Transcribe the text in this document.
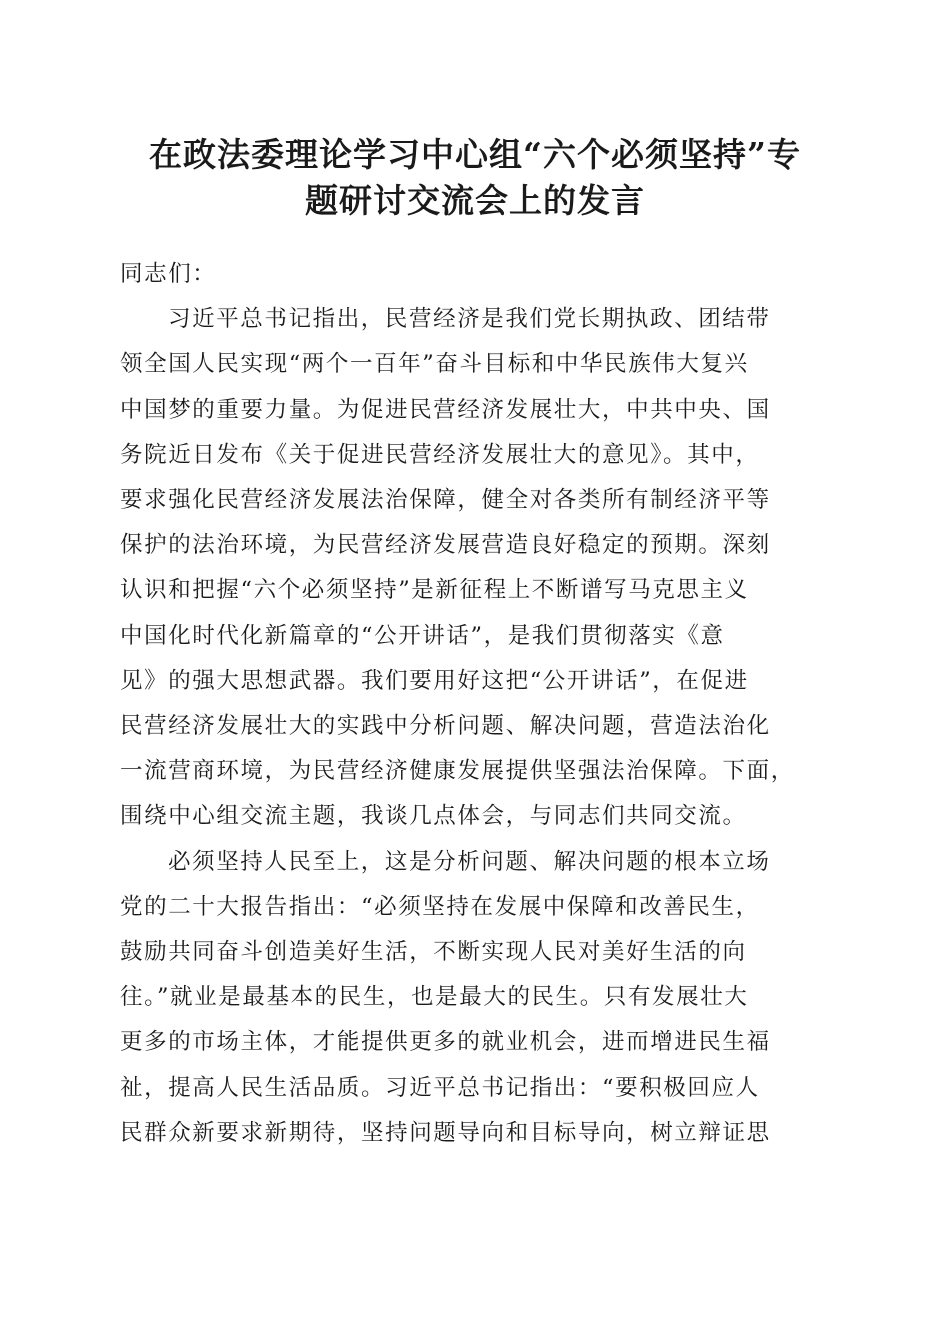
在政法委理论学习中心组“六个必须坚持”专
题研讨交流会上的发言

同志们：

习近平总书记指出，民营经济是我们党长期执政、团结带
领全国人民实现“两个一百年”奋斗目标和中华民族伟大复兴
中国梦的重要力量。为促进民营经济发展壮大，中共中央、国
务院近日发布《关于促进民营经济发展壮大的意见》。其中，
要求强化民营经济发展法治保障，健全对各类所有制经济平等
保护的法治环境，为民营经济发展营造良好稳定的预期。深刻
认识和把握“六个必须坚持”是新征程上不断谱写马克思主义
中国化时代化新篇章的“公开讲话”，是我们贯彻落实《意
见》的强大思想武器。我们要用好这把“公开讲话”，在促进
民营经济发展壮大的实践中分析问题、解决问题，营造法治化
一流营商环境，为民营经济健康发展提供坚强法治保障。下面，
围绕中心组交流主题，我谈几点体会，与同志们共同交流。
必须坚持人民至上，这是分析问题、解决问题的根本立场
党的二十大报告指出：“必须坚持在发展中保障和改善民生，
鼓励共同奋斗创造美好生活，不断实现人民对美好生活的向
往。”就业是最基本的民生，也是最大的民生。只有发展壮大
更多的市场主体，才能提供更多的就业机会，进而增进民生福
祉，提高人民生活品质。习近平总书记指出：“要积极回应人
民群众新要求新期待，坚持问题导向和目标导向，树立辩证思
